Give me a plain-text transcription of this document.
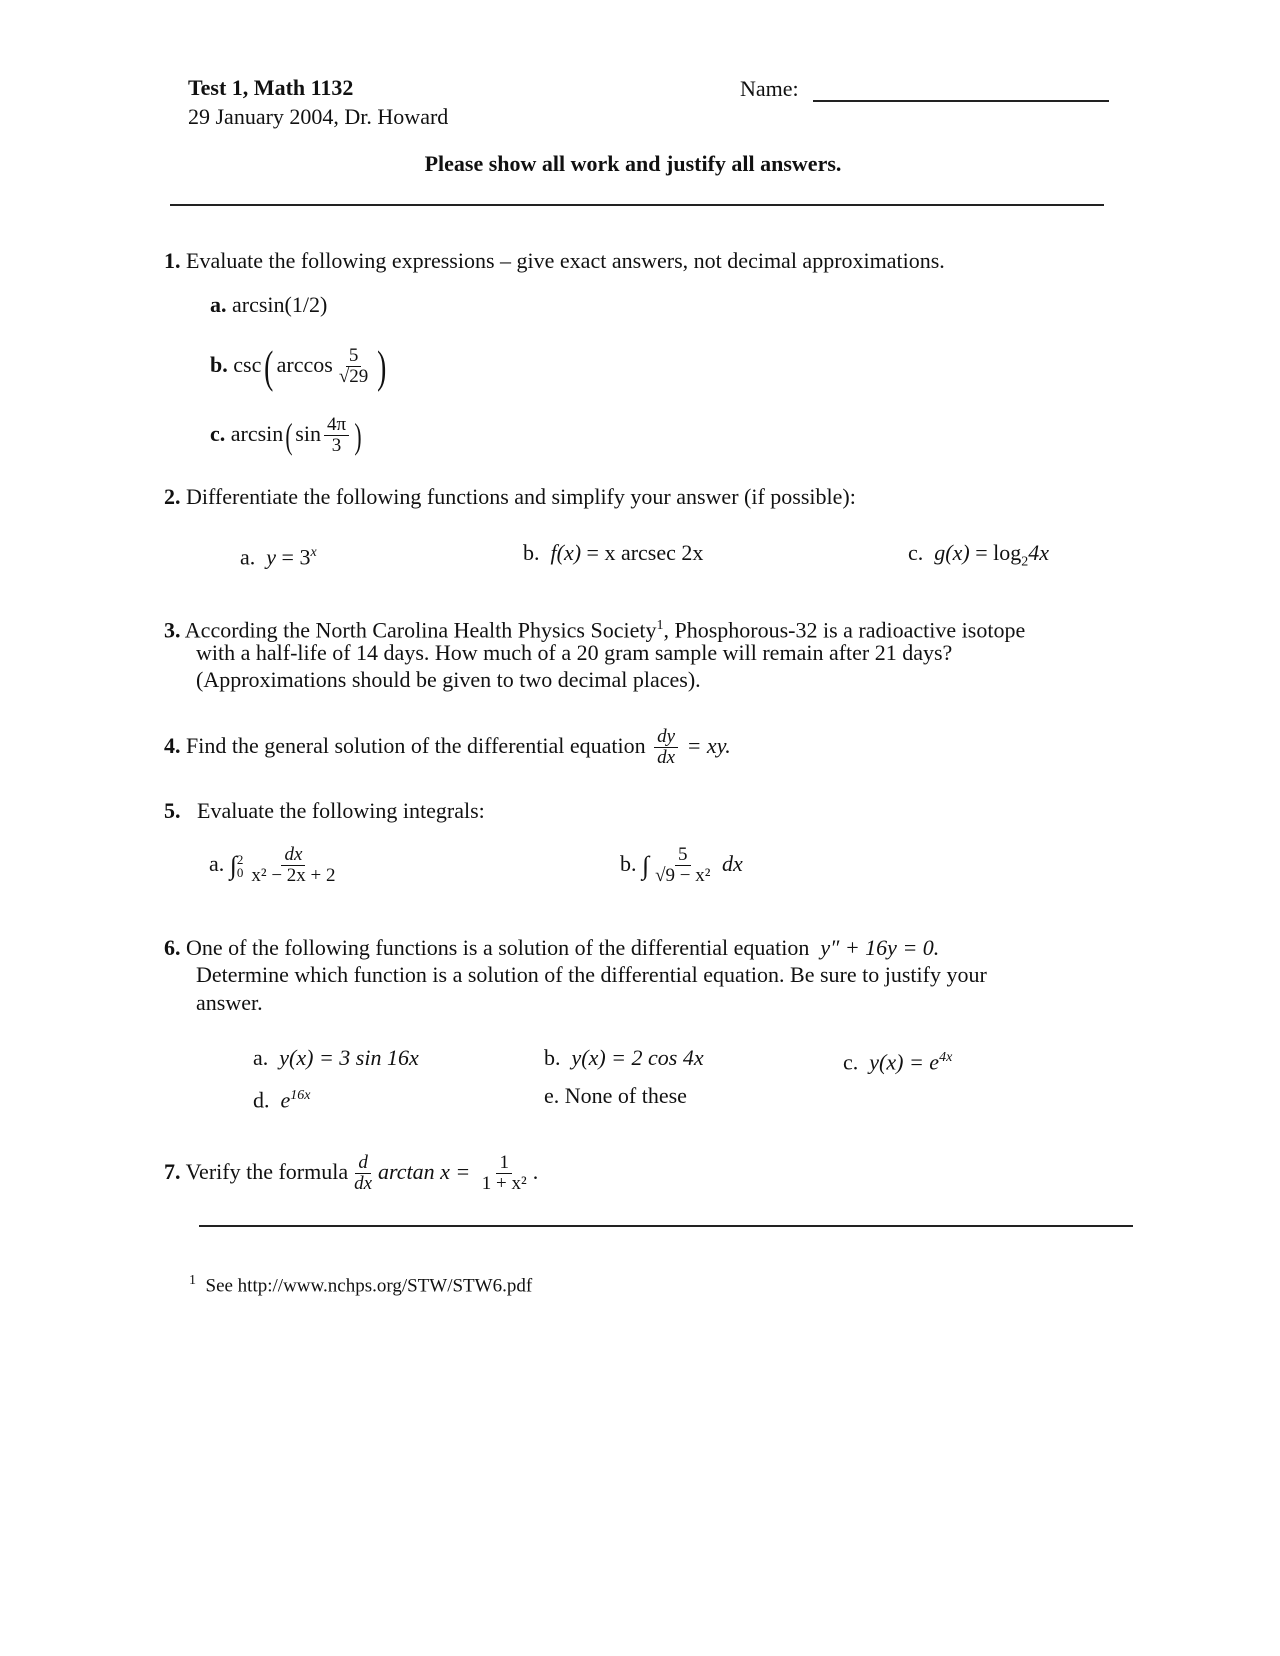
Test 1, Math 1132
29 January 2004, Dr. Howard
Name:
Please show all work and justify all answers.
1. Evaluate the following expressions – give exact answers, not decimal approximations.
a. arcsin(1/2)
b. csc( $\arccos \frac{5}{√29}$ )
c. arcsin( $\sin \frac{4\pi}{3}$ )
2. Differentiate the following functions and simplify your answer (if possible):
a. $y = 3^x$	b. f(x) = x arcsec 2x	c. $g(x) = \log_24x$
3. According the North Carolina Health Physics Society$^1$, Phosphorous-32 is a radioactive isotope
with a half-life of 14 days. How much of a 20 gram sample will remain after 21 days?
(Approximations should be given to two decimal places).
4. Find the general solution of the differential equation $\frac{dy}{dx}$ = xy.
5. Evaluate the following integrals:
a. ∫ 2
$0 \frac{dx}{\text{x² − 2x + 2}}$	b. ∫ $\frac{5}{\text{√9 − x²}}$ dx
6. One of the following functions is a solution of the differential equation y″ + 16y = 0.
Determine which function is a solution of the differential equation. Be sure to justify your
answer.
a. y(x) = 3 sin 16x	b. y(x) = 2 cos 4x	c. $y(x) = e^{4x}$
d. $e^{16x}$	e. None of these
7. Verify the formula $\frac{d}{dx}$ $\arctan x = \frac{1}{\text{1 + x²}}$ .
$^1$ See http://www.nchps.org/STW/STW6.pdf
